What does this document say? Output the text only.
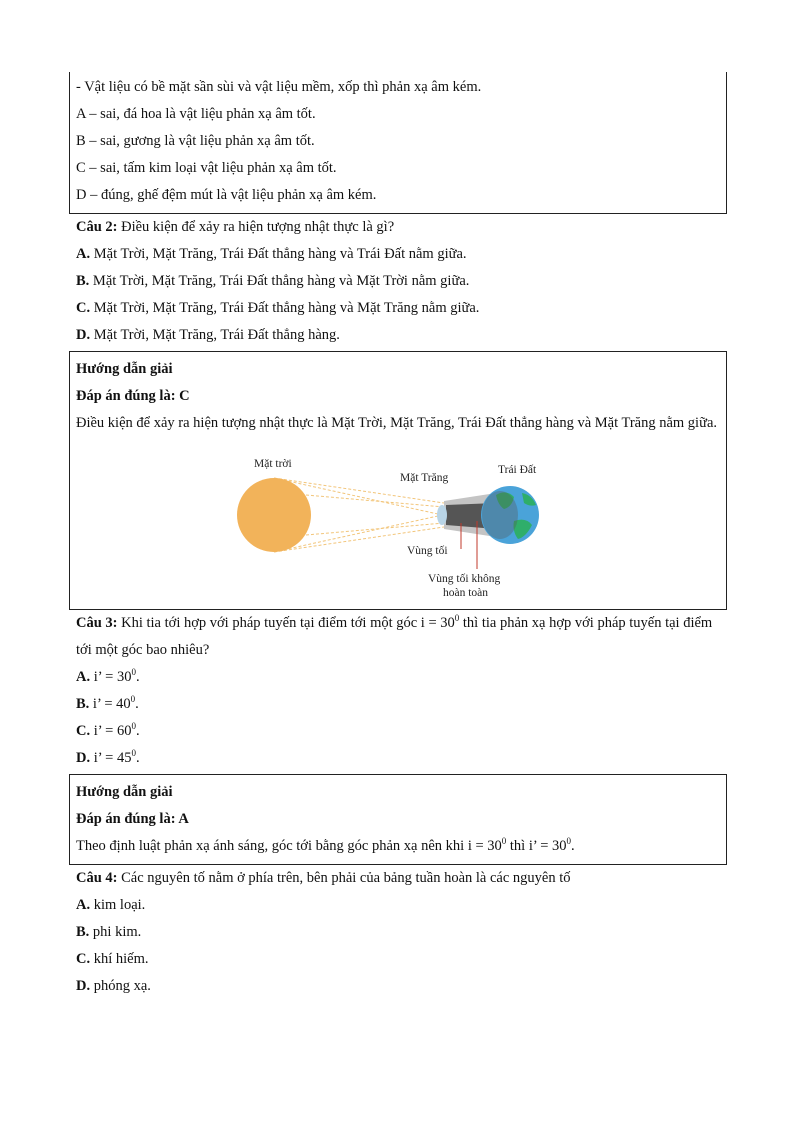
- Vật liệu có bề mặt sần sùi và vật liệu mềm, xốp thì phản xạ âm kém.
A – sai, đá hoa là vật liệu phản xạ âm tốt.
B – sai, gương là vật liệu phản xạ âm tốt.
C – sai, tấm kim loại vật liệu phản xạ âm tốt.
D – đúng, ghế đệm mút là vật liệu phản xạ âm kém.
Câu 2: Điều kiện để xảy ra hiện tượng nhật thực là gì?
A. Mặt Trời, Mặt Trăng, Trái Đất thẳng hàng và Trái Đất nằm giữa.
B. Mặt Trời, Mặt Trăng, Trái Đất thẳng hàng và Mặt Trời nằm giữa.
C. Mặt Trời, Mặt Trăng, Trái Đất thẳng hàng và Mặt Trăng nằm giữa.
D. Mặt Trời, Mặt Trăng, Trái Đất thẳng hàng.
Hướng dẫn giải
Đáp án đúng là: C
Điều kiện để xảy ra hiện tượng nhật thực là Mặt Trời, Mặt Trăng, Trái Đất thẳng hàng và Mặt Trăng nằm giữa.
Mặt trời
Mặt Trăng
Trái Đất
Vùng tối
Vùng tối không
hoàn toàn
Câu 3: Khi tia tới hợp với pháp tuyến tại điểm tới một góc $i = 30^0$ thì tia phản xạ hợp với pháp tuyến tại điểm tới một góc bao nhiêu?
A. i’ = $30^0$.
B. i’ = $40^0$.
C. i’ = $60^0$.
D. i’ = $45^0$.
Hướng dẫn giải
Đáp án đúng là: A
Theo định luật phản xạ ánh sáng, góc tới bằng góc phản xạ nên khi $i = 30^0$ thì i’ = $30^0$.
Câu 4: Các nguyên tố nằm ở phía trên, bên phải của bảng tuần hoàn là các nguyên tố
A. kim loại.
B. phi kim.
C. khí hiếm.
D. phóng xạ.
